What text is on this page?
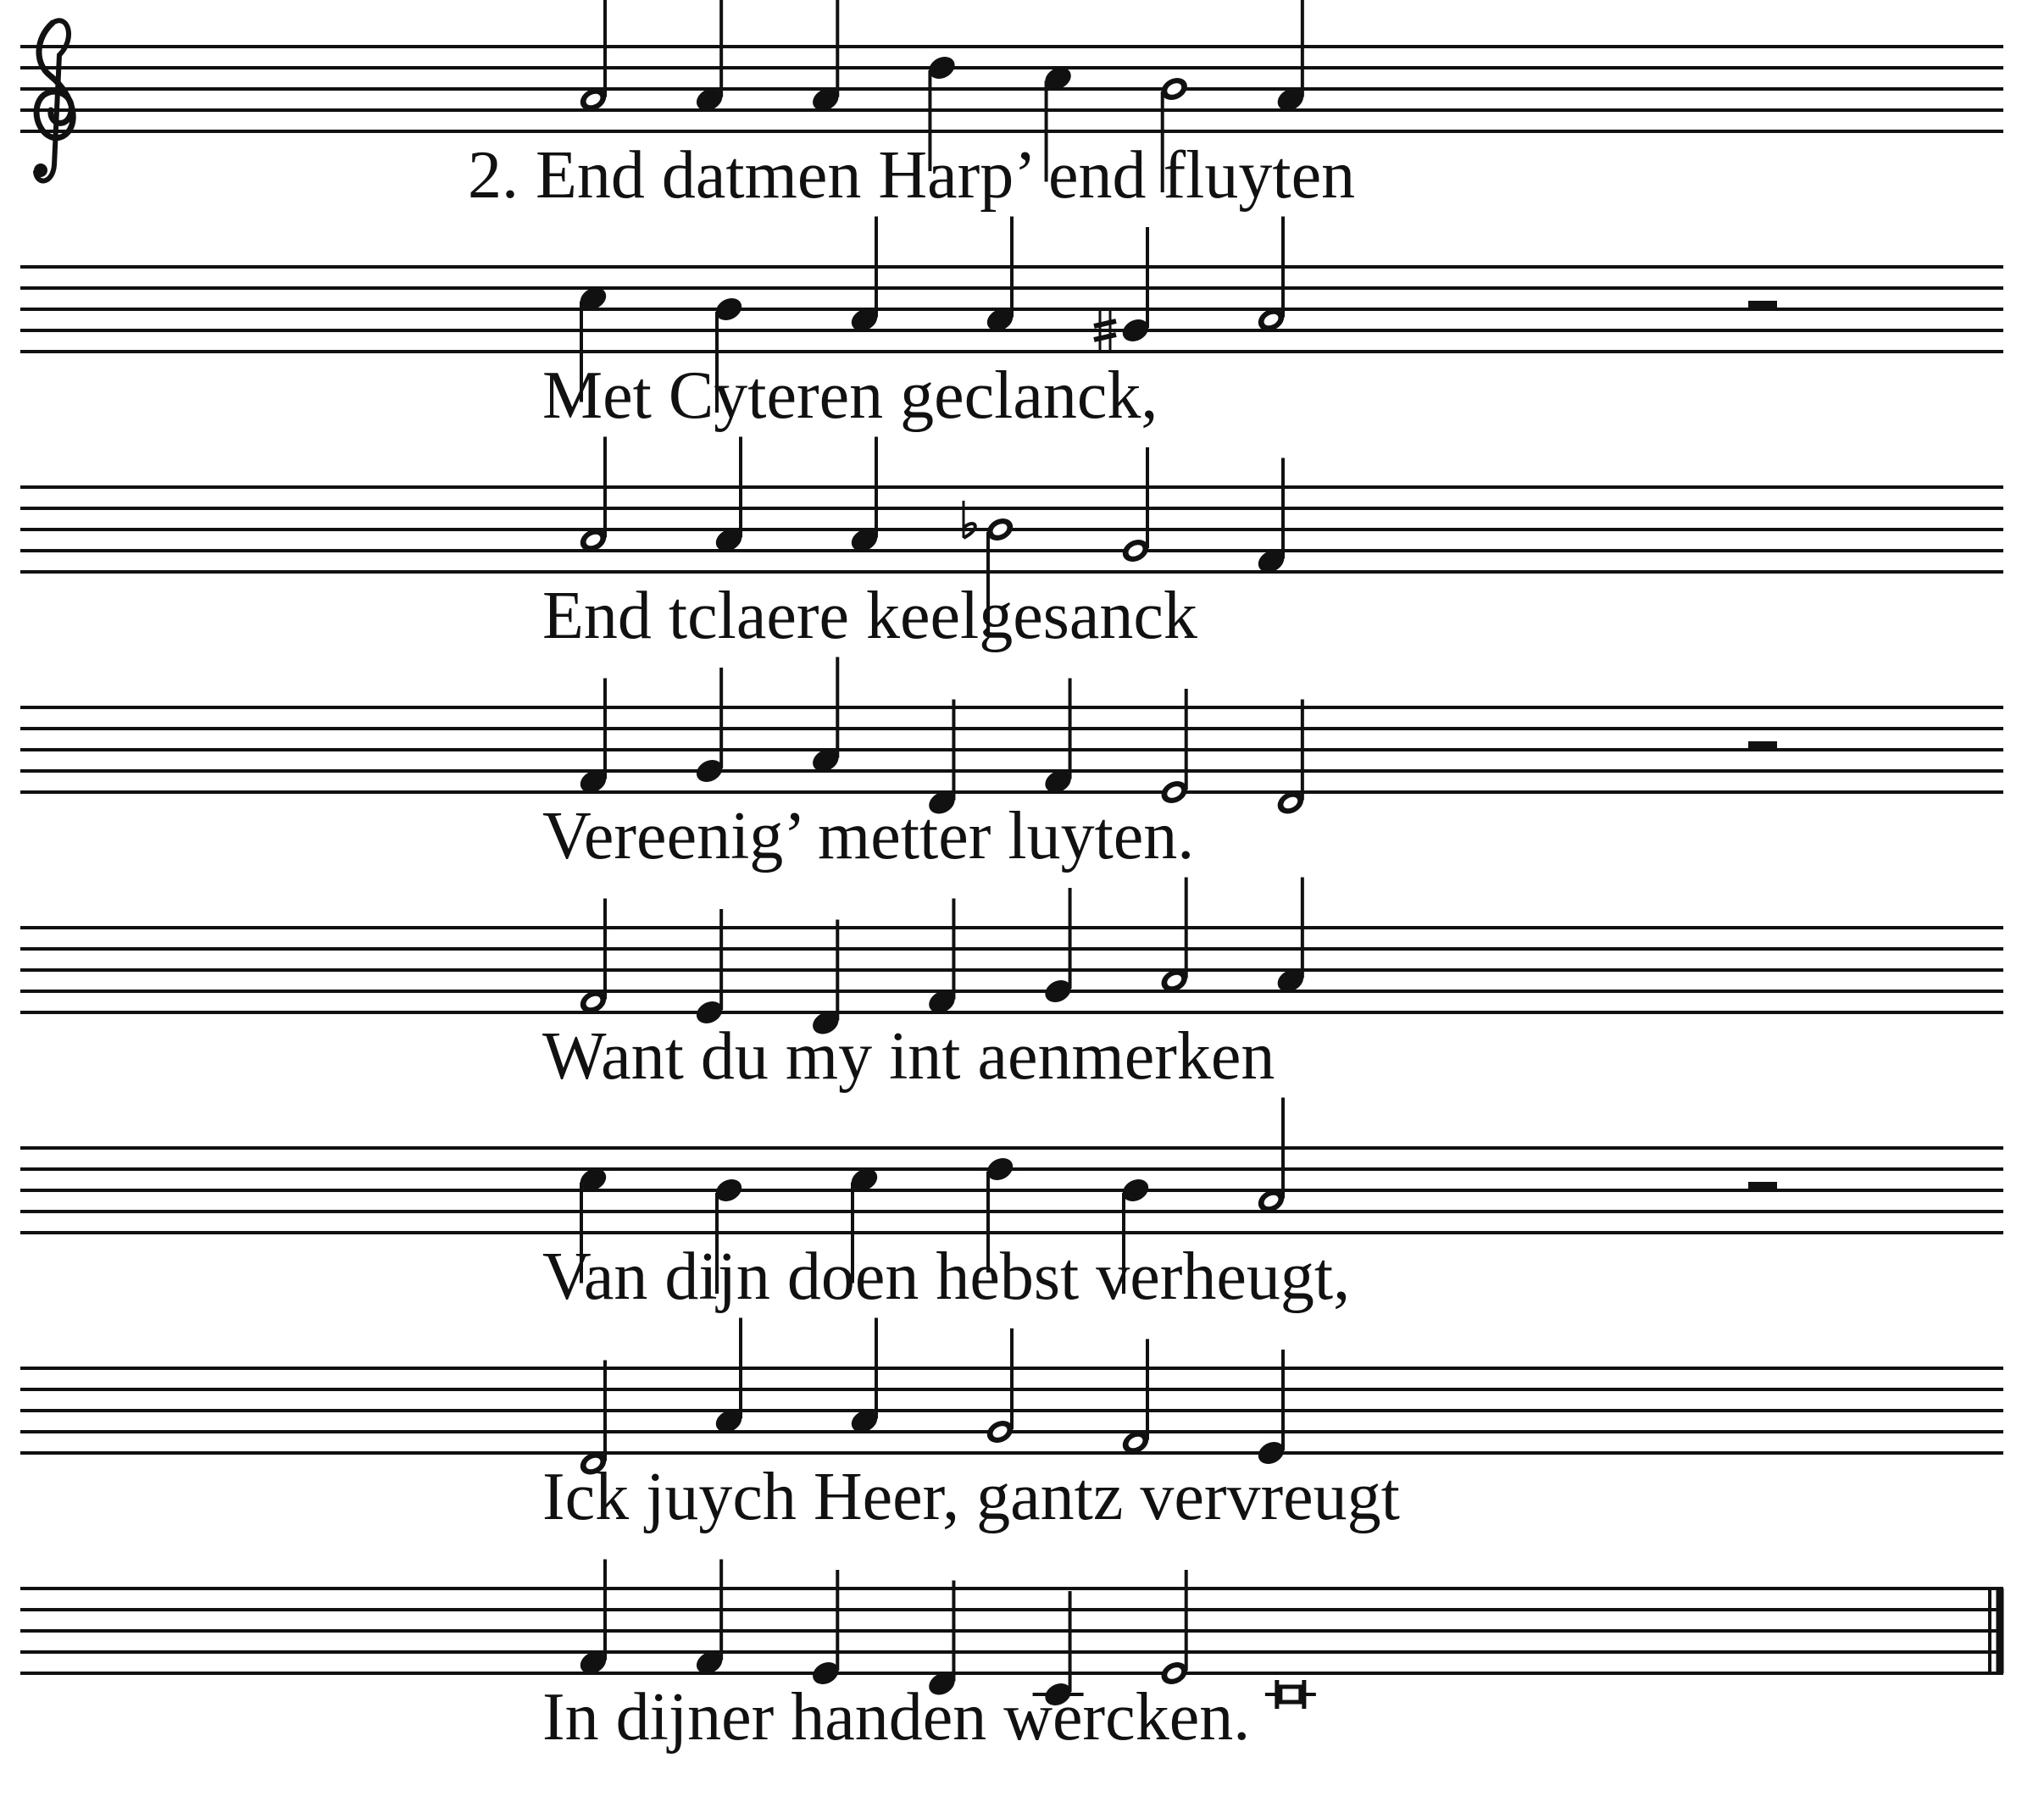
2. End datmen Harp’ end fluyten
Met Cyteren geclanck,
End tclaere keelgesanck
Vereenig’ metter luyten.
Want du my int aenmerken
Van dijn doen hebst verheugt,
Ick juych Heer, gantz vervreugt
In dijner handen wercken.
